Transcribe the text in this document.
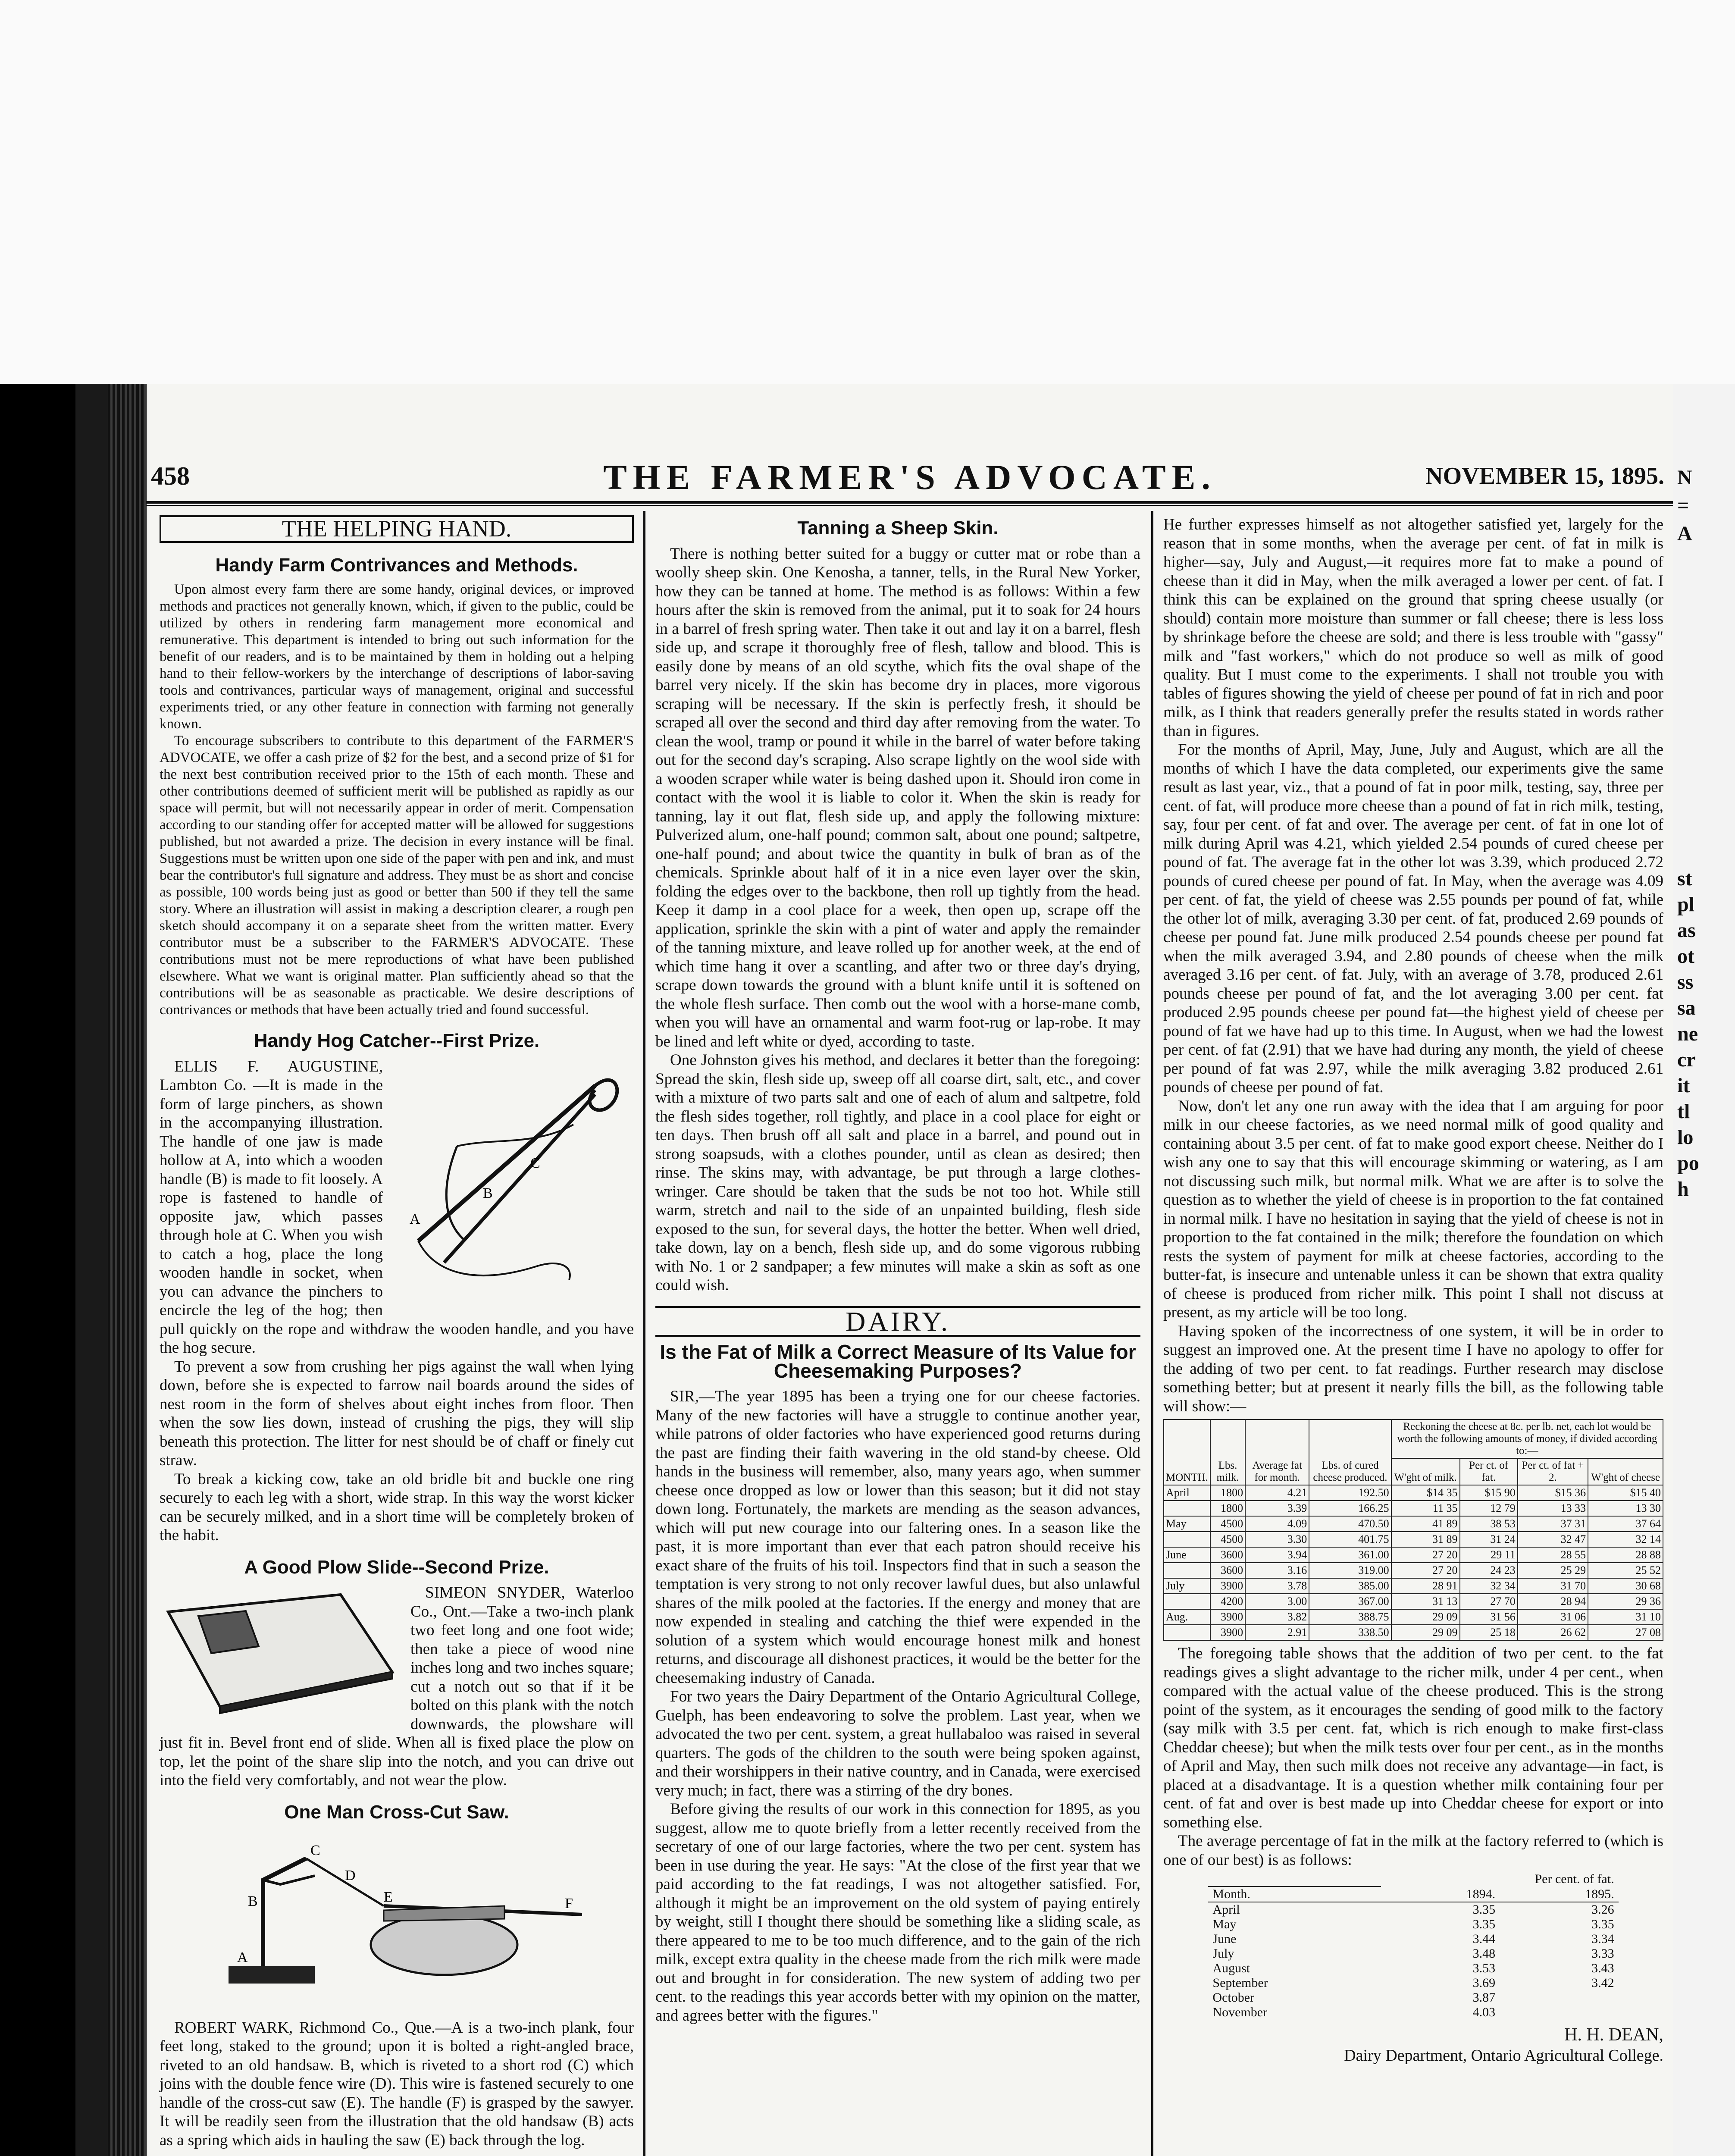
458	THE FARMER'S ADVOCATE.	NOVEMBER 15, 1895.
THE HELPING HAND.
Handy Farm Contrivances and Methods.

Upon almost every farm there are some handy, original devices, or improved methods and practices not generally known, which, if given to the public, could be utilized by others in rendering farm management more economical and remunerative. This department is intended to bring out such information for the benefit of our readers, and is to be maintained by them in holding out a helping hand to their fellow-workers by the interchange of descriptions of labor-saving tools and contrivances, particular ways of management, original and successful experiments tried, or any other feature in connection with farming not generally known.

To encourage subscribers to contribute to this department of the FARMER'S ADVOCATE, we offer a cash prize of $2 for the best, and a second prize of $1 for the next best contribution received prior to the 15th of each month. These and other contributions deemed of sufficient merit will be published as rapidly as our space will permit, but will not necessarily appear in order of merit. Compensation according to our standing offer for accepted matter will be allowed for suggestions published, but not awarded a prize. The decision in every instance will be final. Suggestions must be written upon one side of the paper with pen and ink, and must bear the contributor's full signature and address. They must be as short and concise as possible, 100 words being just as good or better than 500 if they tell the same story. Where an illustration will assist in making a description clearer, a rough pen sketch should accompany it on a separate sheet from the written matter. Every contributor must be a subscriber to the FARMER'S ADVOCATE. These contributions must not be mere reproductions of what have been published elsewhere. What we want is original matter. Plan sufficiently ahead so that the contributions will be as seasonable as practicable. We desire descriptions of contrivances or methods that have been actually tried and found successful.

Handy Hog Catcher--First Prize.
A
B
C

ELLIS F. AUGUSTINE, Lambton Co. —It is made in the form of large pinchers, as shown in the accompanying illustration. The handle of one jaw is made hollow at A, into which a wooden handle (B) is made to fit loosely. A rope is fastened to handle of opposite jaw, which passes through hole at C. When you wish to catch a hog, place the long wooden handle in socket, when you can advance the pinchers to encircle the leg of the hog; then pull quickly on the rope and withdraw the wooden handle, and you have the hog secure.

To prevent a sow from crushing her pigs against the wall when lying down, before she is expected to farrow nail boards around the sides of nest room in the form of shelves about eight inches from floor. Then when the sow lies down, instead of crushing the pigs, they will slip beneath this protection. The litter for nest should be of chaff or finely cut straw.

To break a kicking cow, take an old bridle bit and buckle one ring securely to each leg with a short, wide strap. In this way the worst kicker can be securely milked, and in a short time will be completely broken of the habit.

A Good Plow Slide--Second Prize.

SIMEON SNYDER, Waterloo Co., Ont.—Take a two-inch plank two feet long and one foot wide; then take a piece of wood nine inches long and two inches square; cut a notch out so that if it be bolted on this plank with the notch downwards, the plowshare will just fit in. Bevel front end of slide. When all is fixed place the plow on top, let the point of the share slip into the notch, and you can drive out into the field very comfortably, and not wear the plow.

One Man Cross-Cut Saw.
A
B
C
D
E	F

ROBERT WARK, Richmond Co., Que.—A is a two-inch plank, four feet long, staked to the ground; upon it is bolted a right-angled brace, riveted to an old handsaw. B, which is riveted to a short rod (C) which joins with the double fence wire (D). This wire is fastened securely to one handle of the cross-cut saw (E). The handle (F) is grasped by the sawyer. It will be readily seen from the illustration that the old handsaw (B) acts as a spring which aids in hauling the saw (E) back through the log.

Tanning a Sheep Skin.

There is nothing better suited for a buggy or cutter mat or robe than a woolly sheep skin. One Kenosha, a tanner, tells, in the Rural New Yorker, how they can be tanned at home. The method is as follows: Within a few hours after the skin is removed from the animal, put it to soak for 24 hours in a barrel of fresh spring water. Then take it out and lay it on a barrel, flesh side up, and scrape it thoroughly free of flesh, tallow and blood. This is easily done by means of an old scythe, which fits the oval shape of the barrel very nicely. If the skin has become dry in places, more vigorous scraping will be necessary. If the skin is perfectly fresh, it should be scraped all over the second and third day after removing from the water. To clean the wool, tramp or pound it while in the barrel of water before taking out for the second day's scraping. Also scrape lightly on the wool side with a wooden scraper while water is being dashed upon it. Should iron come in contact with the wool it is liable to color it. When the skin is ready for tanning, lay it out flat, flesh side up, and apply the following mixture: Pulverized alum, one-half pound; common salt, about one pound; saltpetre, one-half pound; and about twice the quantity in bulk of bran as of the chemicals. Sprinkle about half of it in a nice even layer over the skin, folding the edges over to the backbone, then roll up tightly from the head. Keep it damp in a cool place for a week, then open up, scrape off the application, sprinkle the skin with a pint of water and apply the remainder of the tanning mixture, and leave rolled up for another week, at the end of which time hang it over a scantling, and after two or three day's drying, scrape down towards the ground with a blunt knife until it is softened on the whole flesh surface. Then comb out the wool with a horse-mane comb, when you will have an ornamental and warm foot-rug or lap-robe. It may be lined and left white or dyed, according to taste.

One Johnston gives his method, and declares it better than the foregoing: Spread the skin, flesh side up, sweep off all coarse dirt, salt, etc., and cover with a mixture of two parts salt and one of each of alum and saltpetre, fold the flesh sides together, roll tightly, and place in a cool place for eight or ten days. Then brush off all salt and place in a barrel, and pound out in strong soapsuds, with a clothes pounder, until as clean as desired; then rinse. The skins may, with advantage, be put through a large clothes-wringer. Care should be taken that the suds be not too hot. While still warm, stretch and nail to the side of an unpainted building, flesh side exposed to the sun, for several days, the hotter the better. When well dried, take down, lay on a bench, flesh side up, and do some vigorous rubbing with No. 1 or 2 sandpaper; a few minutes will make a skin as soft as one could wish.

DAIRY.
Is the Fat of Milk a Correct Measure of Its Value for Cheesemaking Purposes?

SIR,—The year 1895 has been a trying one for our cheese factories. Many of the new factories will have a struggle to continue another year, while patrons of older factories who have experienced good returns during the past are finding their faith wavering in the old stand-by cheese. Old hands in the business will remember, also, many years ago, when summer cheese once dropped as low or lower than this season; but it did not stay down long. Fortunately, the markets are mending as the season advances, which will put new courage into our faltering ones. In a season like the past, it is more important than ever that each patron should receive his exact share of the fruits of his toil. Inspectors find that in such a season the temptation is very strong to not only recover lawful dues, but also unlawful shares of the milk pooled at the factories. If the energy and money that are now expended in stealing and catching the thief were expended in the solution of a system which would encourage honest milk and honest returns, and discourage all dishonest practices, it would be the better for the cheesemaking industry of Canada.

For two years the Dairy Department of the Ontario Agricultural College, Guelph, has been endeavoring to solve the problem. Last year, when we advocated the two per cent. system, a great hullabaloo was raised in several quarters. The gods of the children to the south were being spoken against, and their worshippers in their native country, and in Canada, were exercised very much; in fact, there was a stirring of the dry bones.

Before giving the results of our work in this connection for 1895, as you suggest, allow me to quote briefly from a letter recently received from the secretary of one of our large factories, where the two per cent. system has been in use during the year. He says: "At the close of the first year that we paid according to the fat readings, I was not altogether satisfied. For, although it might be an improvement on the old system of paying entirely by weight, still I thought there should be something like a sliding scale, as there appeared to me to be too much difference, and to the gain of the rich milk, except extra quality in the cheese made from the rich milk were made out and brought in for consideration. The new system of adding two per cent. to the readings this year accords better with my opinion on the matter, and agrees better with the figures."

He further expresses himself as not altogether satisfied yet, largely for the reason that in some months, when the average per cent. of fat in milk is higher—say, July and August,—it requires more fat to make a pound of cheese than it did in May, when the milk averaged a lower per cent. of fat. I think this can be explained on the ground that spring cheese usually (or should) contain more moisture than summer or fall cheese; there is less loss by shrinkage before the cheese are sold; and there is less trouble with "gassy" milk and "fast workers," which do not produce so well as milk of good quality. But I must come to the experiments. I shall not trouble you with tables of figures showing the yield of cheese per pound of fat in rich and poor milk, as I think that readers generally prefer the results stated in words rather than in figures.

For the months of April, May, June, July and August, which are all the months of which I have the data completed, our experiments give the same result as last year, viz., that a pound of fat in poor milk, testing, say, three per cent. of fat, will produce more cheese than a pound of fat in rich milk, testing, say, four per cent. of fat and over. The average per cent. of fat in one lot of milk during April was 4.21, which yielded 2.54 pounds of cured cheese per pound of fat. The average fat in the other lot was 3.39, which produced 2.72 pounds of cured cheese per pound of fat. In May, when the average was 4.09 per cent. of fat, the yield of cheese was 2.55 pounds per pound of fat, while the other lot of milk, averaging 3.30 per cent. of fat, produced 2.69 pounds of cheese per pound fat. June milk produced 2.54 pounds cheese per pound fat when the milk averaged 3.94, and 2.80 pounds of cheese when the milk averaged 3.16 per cent. of fat. July, with an average of 3.78, produced 2.61 pounds cheese per pound of fat, and the lot averaging 3.00 per cent. fat produced 2.95 pounds cheese per pound fat—the highest yield of cheese per pound of fat we have had up to this time. In August, when we had the lowest per cent. of fat (2.91) that we have had during any month, the yield of cheese per pound of fat was 2.97, while the milk averaging 3.82 produced 2.61 pounds of cheese per pound of fat.

Now, don't let any one run away with the idea that I am arguing for poor milk in our cheese factories, as we need normal milk of good quality and containing about 3.5 per cent. of fat to make good export cheese. Neither do I wish any one to say that this will encourage skimming or watering, as I am not discussing such milk, but normal milk. What we are after is to solve the question as to whether the yield of cheese is in proportion to the fat contained in normal milk. I have no hesitation in saying that the yield of cheese is not in proportion to the fat contained in the milk; therefore the foundation on which rests the system of payment for milk at cheese factories, according to the butter-fat, is insecure and untenable unless it can be shown that extra quality of cheese is produced from richer milk. This point I shall not discuss at present, as my article will be too long.

Having spoken of the incorrectness of one system, it will be in order to suggest an improved one. At the present time I have no apology to offer for the adding of two per cent. to fat readings. Further research may disclose something better; but at present it nearly fills the bill, as the following table will show:—

MONTH.	Lbs. milk.	Average fat for month.	Lbs. of cured cheese produced.	Reckoning the cheese at 8c. per lb. net, each lot would be worth the following amounts of money, if divided according to:—			
				W'ght of milk.	Per ct. of fat.	Per ct. of fat + 2.	W'ght of cheese
April	1800	4.21	192.50	$14 35	$15 90	$15 36	$15 40
	1800	3.39	166.25	11 35	12 79	13 33	13 30
May	4500	4.09	470.50	41 89	38 53	37 31	37 64
	4500	3.30	401.75	31 89	31 24	32 47	32 14
June	3600	3.94	361.00	27 20	29 11	28 55	28 88
	3600	3.16	319.00	27 20	24 23	25 29	25 52
July	3900	3.78	385.00	28 91	32 34	31 70	30 68
	4200	3.00	367.00	31 13	27 70	28 94	29 36
Aug.	3900	3.82	388.75	29 09	31 56	31 06	31 10
	3900	2.91	338.50	29 09	25 18	26 62	27 08

The foregoing table shows that the addition of two per cent. to the fat readings gives a slight advantage to the richer milk, under 4 per cent., when compared with the actual value of the cheese produced. This is the strong point of the system, as it encourages the sending of good milk to the factory (say milk with 3.5 per cent. fat, which is rich enough to make first-class Cheddar cheese); but when the milk tests over four per cent., as in the months of April and May, then such milk does not receive any advantage—in fact, is placed at a disadvantage. It is a question whether milk containing four per cent. of fat and over is best made up into Cheddar cheese for export or into something else.

The average percentage of fat in the milk at the factory referred to (which is one of our best) is as follows:

	Per cent. of fat.	
Month.	1894.	1895.
April	3.35	3.26
May	3.35	3.35
June	3.44	3.34
July	3.48	3.33
August	3.53	3.43
September	3.69	3.42
October	3.87	
November	4.03	
H. H. DEAN,
Dairy Department, Ontario Agricultural College.
N
=
A
st
pl
as
ot
ss
sa
ne
cr
it
tl
lo
po
h
